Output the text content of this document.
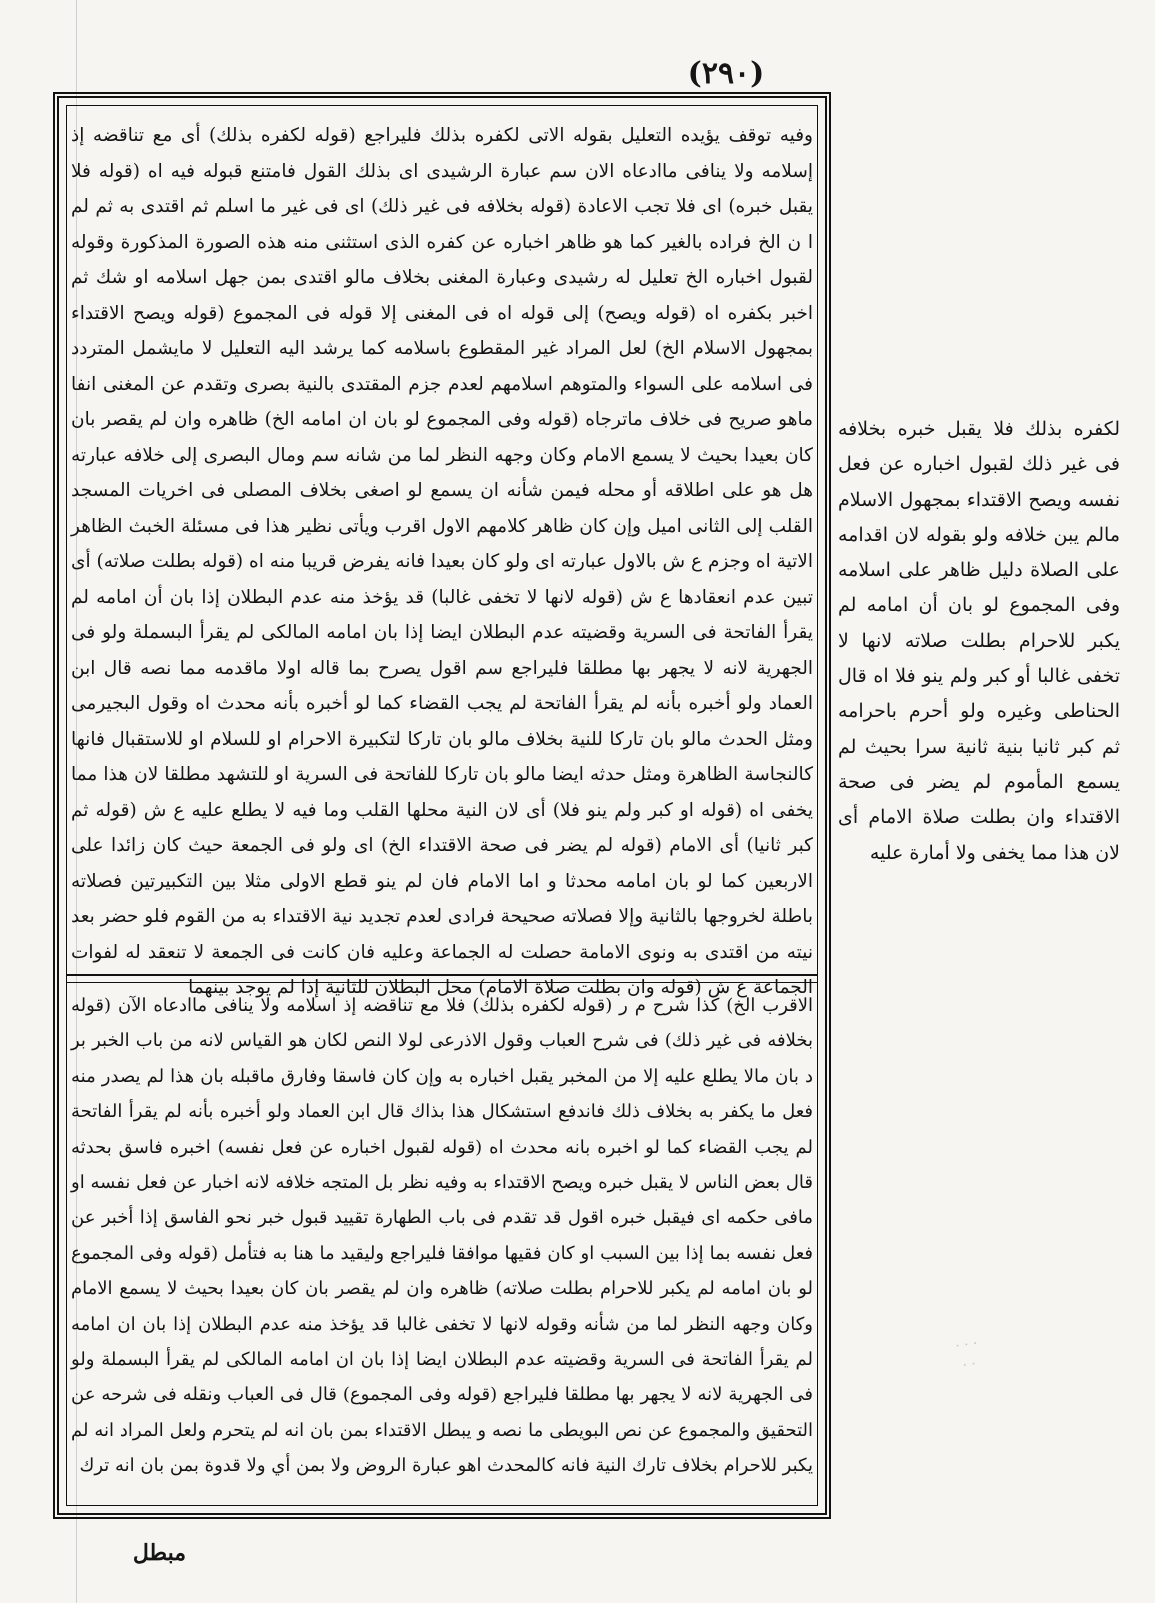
(٢٩٠)
وفيه توقف يؤيده التعليل بقوله الاتى لكفره بذلك فليراجع (قوله لكفره بذلك) أى مع تناقضه إذ إسلامه ولا ينافى ماادعاه الان سم عبارة الرشيدى اى بذلك القول فامتنع قبوله فيه اه (قوله فلا يقبل خبره) اى فلا تجب الاعادة (قوله بخلافه فى غير ذلك) اى فى غير ما اسلم ثم اقتدى به ثم لم ا ن الخ فراده بالغير كما هو ظاهر اخباره عن كفره الذى استثنى منه هذه الصورة المذكورة وقوله لقبول اخباره الخ تعليل له رشيدى وعبارة المغنى بخلاف مالو اقتدى بمن جهل اسلامه او شك ثم اخبر بكفره اه (قوله ويصح) إلى قوله اه فى المغنى إلا قوله فى المجموع (قوله ويصح الاقتداء بمجهول الاسلام الخ) لعل المراد غير المقطوع باسلامه كما يرشد اليه التعليل لا مايشمل المتردد فى اسلامه على السواء والمتوهم اسلامهم لعدم جزم المقتدى بالنية بصرى وتقدم عن المغنى انفا ماهو صريح فى خلاف ماترجاه (قوله وفى المجموع لو بان ان امامه الخ) ظاهره وان لم يقصر بان كان بعيدا بحيث لا يسمع الامام وكان وجهه النظر لما من شانه سم ومال البصرى إلى خلافه عبارته هل هو على اطلاقه أو محله فيمن شأنه ان يسمع لو اصغى بخلاف المصلى فى اخريات المسجد القلب إلى الثانى اميل وإن كان ظاهر كلامهم الاول اقرب ويأتى نظير هذا فى مسئلة الخبث الظاهر الاتية اه وجزم ع ش بالاول عبارته اى ولو كان بعيدا فانه يفرض قريبا منه اه (قوله بطلت صلاته) أى تبين عدم انعقادها ع ش (قوله لانها لا تخفى غالبا) قد يؤخذ منه عدم البطلان إذا بان أن امامه لم يقرأ الفاتحة فى السرية وقضيته عدم البطلان ايضا إذا بان امامه المالكى لم يقرأ البسملة ولو فى الجهرية لانه لا يجهر بها مطلقا فليراجع سم اقول يصرح بما قاله اولا ماقدمه مما نصه قال ابن العماد ولو أخبره بأنه لم يقرأ الفاتحة لم يجب القضاء كما لو أخبره بأنه محدث اه وقول البجيرمى ومثل الحدث مالو بان تاركا للنية بخلاف مالو بان تاركا لتكبيرة الاحرام او للسلام او للاستقبال فانها كالنجاسة الظاهرة ومثل حدثه ايضا مالو بان تاركا للفاتحة فى السرية او للتشهد مطلقا لان هذا مما يخفى اه (قوله او كبر ولم ينو فلا) أى لان النية محلها القلب وما فيه لا يطلع عليه ع ش (قوله ثم كبر ثانيا) أى الامام (قوله لم يضر فى صحة الاقتداء الخ) اى ولو فى الجمعة حيث كان زائدا على الاربعين كما لو بان امامه محدثا و اما الامام فان لم ينو قطع الاولى مثلا بين التكبيرتين فصلاته باطلة لخروجها بالثانية وإلا فصلاته صحيحة فرادى لعدم تجديد نية الاقتداء به من القوم فلو حضر بعد نيته من اقتدى به ونوى الامامة حصلت له الجماعة وعليه فان كانت فى الجمعة لا تنعقد له لفوات الجماعة ع ش (قوله وان بطلت صلاة الامام) محل البطلان للثانية إذا لم يوجد بينهما
الاقرب الخ) كذا شرح م ر (قوله لكفره بذلك) فلا مع تناقضه إذ اسلامه ولا ينافى ماادعاه الآن (قوله بخلافه فى غير ذلك) فى شرح العباب وقول الاذرعى لولا النص لكان هو القياس لانه من باب الخبر بر د بان مالا يطلع عليه إلا من المخبر يقبل اخباره به وإن كان فاسقا وفارق ماقبله بان هذا لم يصدر منه فعل ما يكفر به بخلاف ذلك فاندفع استشكال هذا بذاك قال ابن العماد ولو أخبره بأنه لم يقرأ الفاتحة لم يجب القضاء كما لو اخبره بانه محدث اه (قوله لقبول اخباره عن فعل نفسه) اخبره فاسق بحدثه قال بعض الناس لا يقبل خبره ويصح الاقتداء به وفيه نظر بل المتجه خلافه لانه اخبار عن فعل نفسه او مافى حكمه اى فيقبل خبره اقول قد تقدم فى باب الطهارة تقييد قبول خبر نحو الفاسق إذا أخبر عن فعل نفسه بما إذا بين السبب او كان فقيها موافقا فليراجع وليقيد ما هنا به فتأمل (قوله وفى المجموع لو بان امامه لم يكبر للاحرام بطلت صلاته) ظاهره وان لم يقصر بان كان بعيدا بحيث لا يسمع الامام وكان وجهه النظر لما من شأنه وقوله لانها لا تخفى غالبا قد يؤخذ منه عدم البطلان إذا بان ان امامه لم يقرأ الفاتحة فى السرية وقضيته عدم البطلان ايضا إذا بان ان امامه المالكى لم يقرأ البسملة ولو فى الجهرية لانه لا يجهر بها مطلقا فليراجع (قوله وفى المجموع) قال فى العباب ونقله فى شرحه عن التحقيق والمجموع عن نص البويطى ما نصه و يبطل الاقتداء بمن بان انه لم يتحرم ولعل المراد انه لم يكبر للاحرام بخلاف تارك النية فانه كالمحدث اهو عبارة الروض ولا بمن أي ولا قدوة بمن بان انه ترك
لكفره بذلك فلا يقبل خبره بخلافه فى غير ذلك لقبول اخباره عن فعل نفسه ويصح الاقتداء بمجهول الاسلام مالم يبن خلافه ولو بقوله لان اقدامه على الصلاة دليل ظاهر على اسلامه وفى المجموع لو بان أن امامه لم يكبر للاحرام بطلت صلاته لانها لا تخفى غالبا أو كبر ولم ينو فلا اه قال الحناطى وغيره ولو أحرم باحرامه ثم كبر ثانيا بنية ثانية سرا بحيث لم يسمع المأموم لم يضر فى صحة الاقتداء وان بطلت صلاة الامام أى لان هذا مما يخفى ولا أمارة عليه
· · ·
· ·
مبطل
